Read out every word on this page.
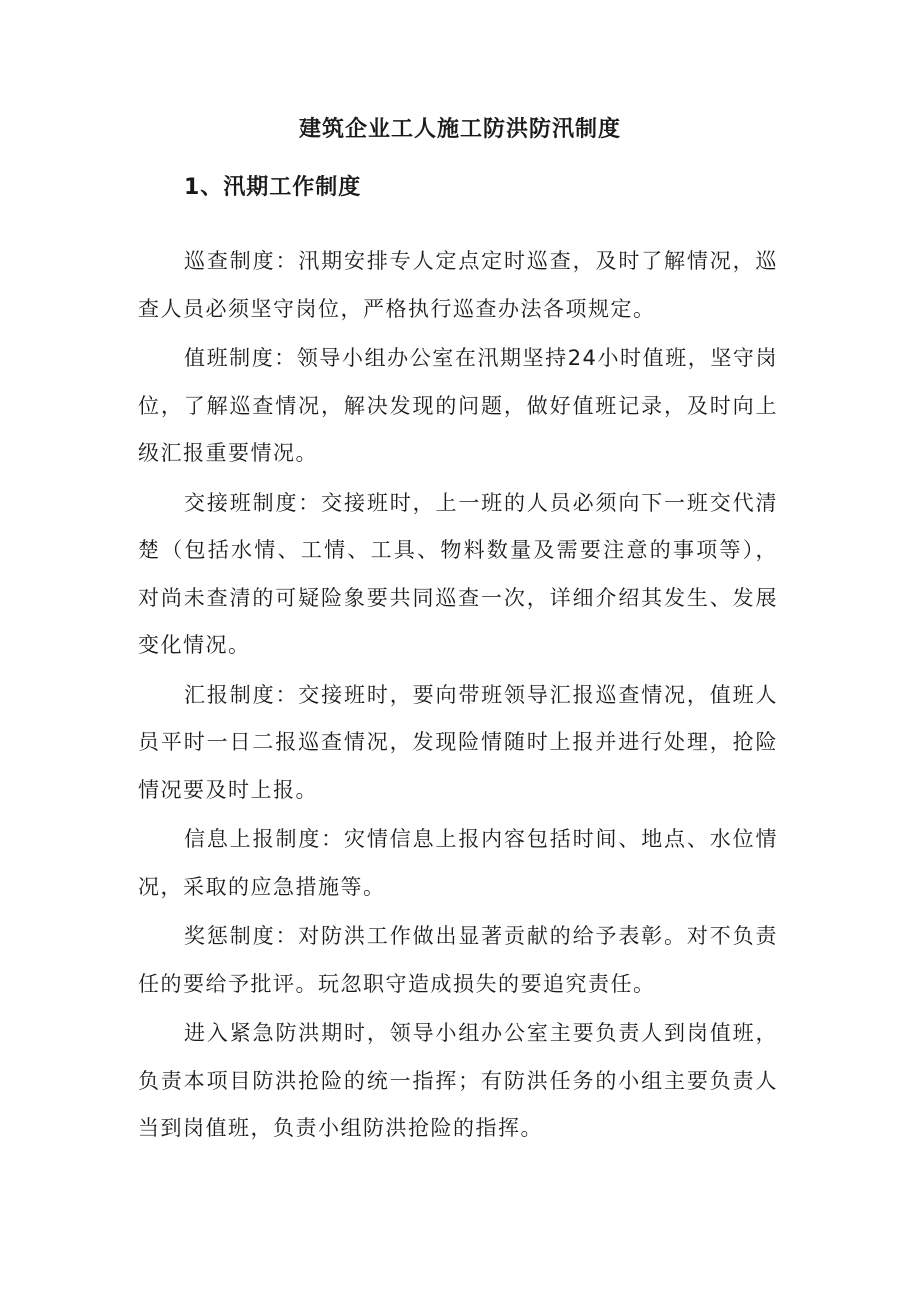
建筑企业工人施工防洪防汛制度
1、汛期工作制度

巡查制度：汛期安排专人定点定时巡查，及时了解情况，巡查人员必须坚守岗位，严格执行巡查办法各项规定。

值班制度：领导小组办公室在汛期坚持24小时值班，坚守岗位，了解巡查情况，解决发现的问题，做好值班记录，及时向上级汇报重要情况。

交接班制度：交接班时，上一班的人员必须向下一班交代清楚（包括水情、工情、工具、物料数量及需要注意的事项等），对尚未查清的可疑险象要共同巡查一次，详细介绍其发生、发展变化情况。

汇报制度：交接班时，要向带班领导汇报巡查情况，值班人员平时一日二报巡查情况，发现险情随时上报并进行处理，抢险情况要及时上报。

信息上报制度：灾情信息上报内容包括时间、地点、水位情况，采取的应急措施等。

奖惩制度：对防洪工作做出显著贡献的给予表彰。对不负责任的要给予批评。玩忽职守造成损失的要追究责任。

进入紧急防洪期时，领导小组办公室主要负责人到岗值班，负责本项目防洪抢险的统一指挥；有防洪任务的小组主要负责人当到岗值班，负责小组防洪抢险的指挥。
